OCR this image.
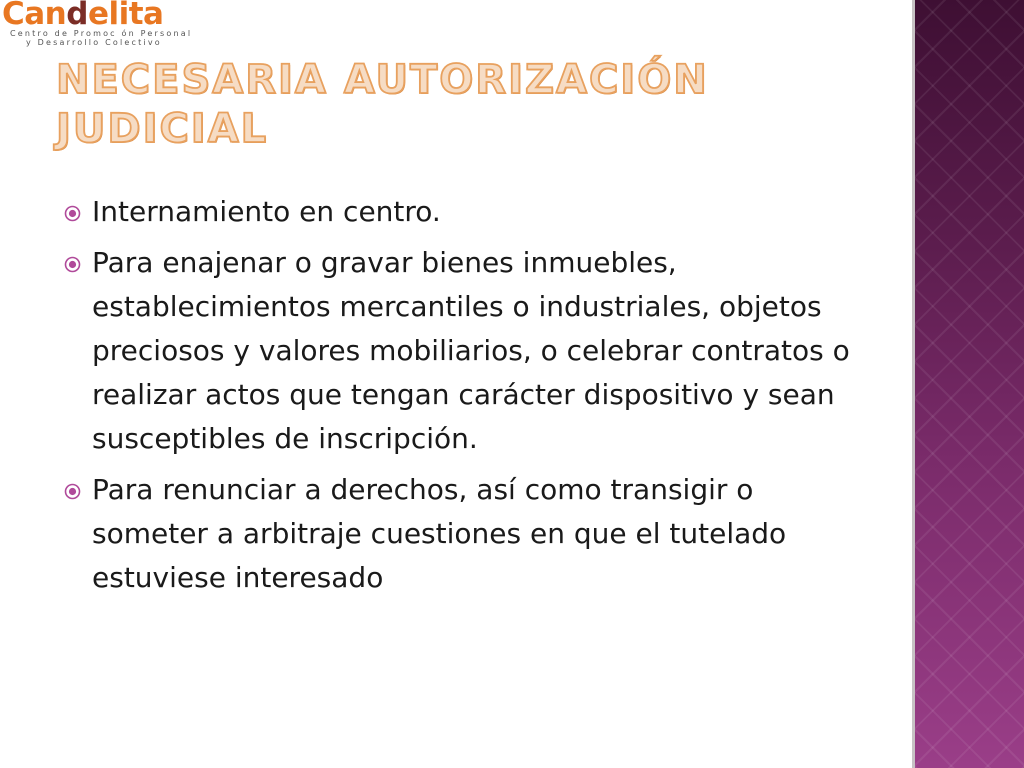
Candelita
Centro de Promoc ón Personal
y Desarrollo Colectivo
NECESARIA AUTORIZACIÓN JUDICIAL
Internamiento en centro.
Para enajenar o gravar bienes inmuebles, establecimientos mercantiles o industriales, objetos preciosos y valores mobiliarios, o celebrar contratos o realizar actos que tengan carácter dispositivo y sean susceptibles de inscripción.
Para renunciar a derechos, así como transigir o someter a arbitraje cuestiones en que el tutelado estuviese interesado
